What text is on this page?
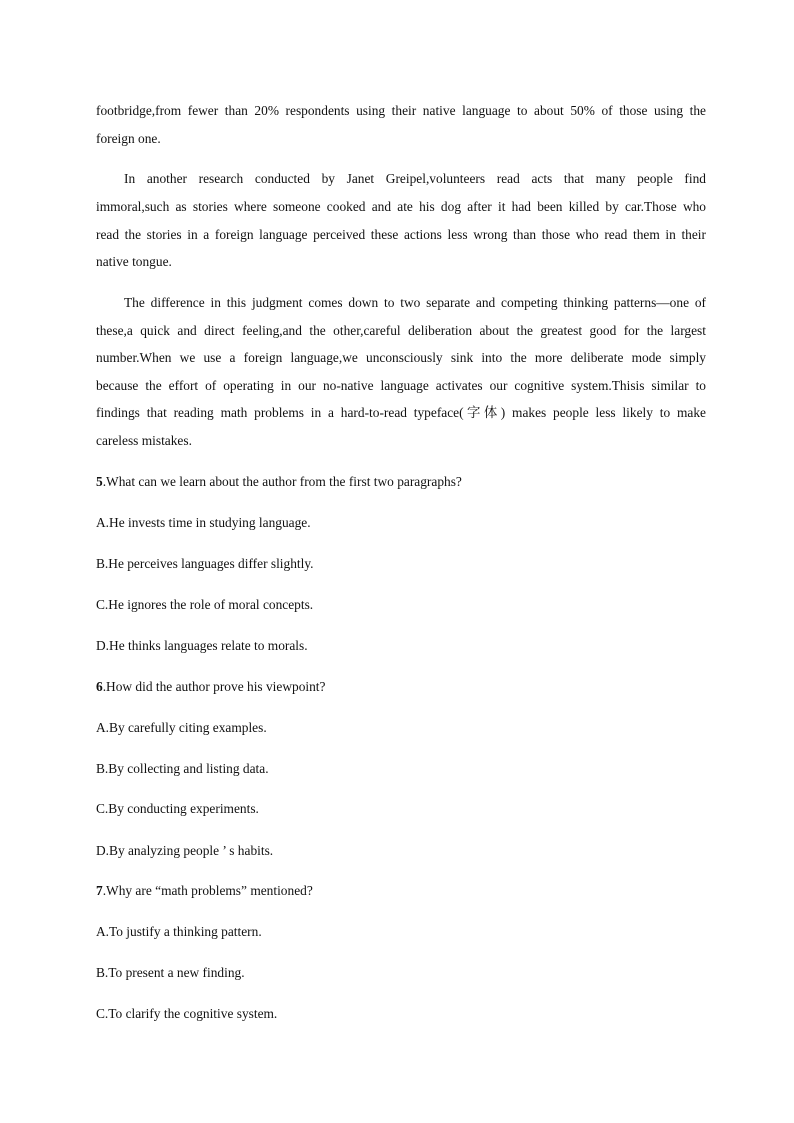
footbridge,from fewer than 20% respondents using their native language to about 50% of those using the
foreign one.
In another research conducted by Janet Greipel,volunteers read acts that many people find
immoral,such as stories where someone cooked and ate his dog after it had been killed by car.Those who
read the stories in a foreign language perceived these actions less wrong than those who read them in their
native tongue.
The difference in this judgment comes down to two separate and competing thinking patterns—one of
these,a quick and direct feeling,and the other,careful deliberation about the greatest good for the largest
number.When we use a foreign language,we unconsciously sink into the more deliberate mode simply
because the effort of operating in our no-native language activates our cognitive system.Thisis similar to
findings that reading math problems in a hard-to-read typeface(字体) makes people less likely to make
careless mistakes.
5.What can we learn about the author from the first two paragraphs?
A.He invests time in studying language.
B.He perceives languages differ slightly.
C.He ignores the role of moral concepts.
D.He thinks languages relate to morals.
6.How did the author prove his viewpoint?
A.By carefully citing examples.
B.By collecting and listing data.
C.By conducting experiments.
D.By analyzing people ’ s habits.
7.Why are “math problems” mentioned?
A.To justify a thinking pattern.
B.To present a new finding.
C.To clarify the cognitive system.
